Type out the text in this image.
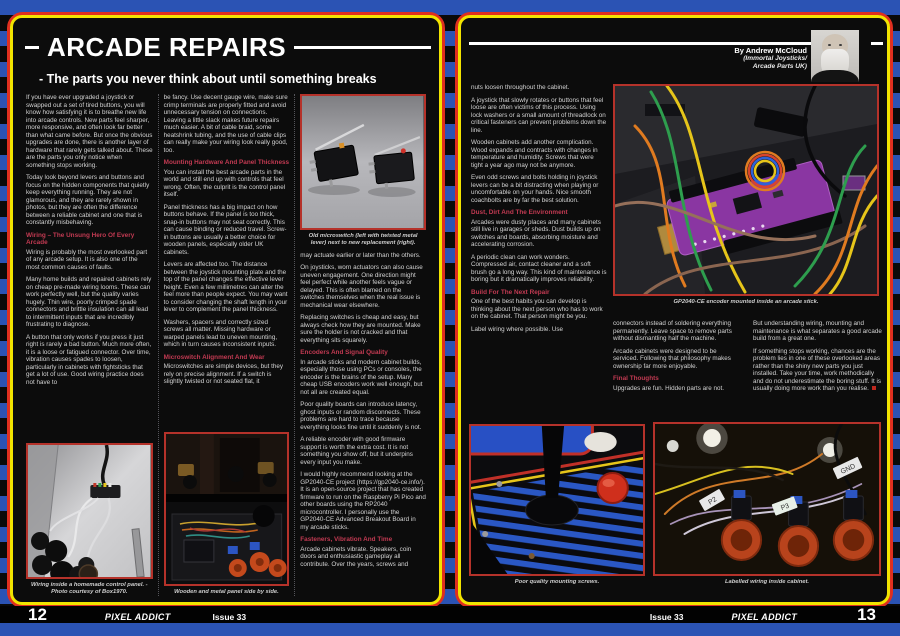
ARCADE REPAIRS
- The parts you never think about until something breaks
If you have ever upgraded a joystick or swapped out a set of tired buttons, you will know how satisfying it is to breathe new life into arcade controls. New parts feel sharper, more responsive, and often look far better than what came before. But once the obvious upgrades are done, there is another layer of hardware that rarely gets talked about. These are the parts you only notice when something stops working.
Today look beyond levers and buttons and focus on the hidden components that quietly keep everything running. They are not glamorous, and they are rarely shown in photos, but they are often the difference between a reliable cabinet and one that is constantly misbehaving.
Wiring – The Unsung Hero Of Every Arcade
Wiring is probably the most overlooked part of any arcade setup. It is also one of the most common causes of faults.
Many home builds and repaired cabinets rely on cheap pre-made wiring looms. These can work perfectly well, but the quality varies hugely. Thin wire, poorly crimped spade connectors and brittle insulation can all lead to intermittent inputs that are incredibly frustrating to diagnose.
A button that only works if you press it just right is rarely a bad button. Much more often, it is a loose or fatigued connector. Over time, vibration causes spades to loosen, particularly in cabinets with fightsticks that get a lot of use. Good wiring practice does not have to
Wiring inside a homemade control panel. - Photo courtesy of Box1970.
be fancy. Use decent gauge wire, make sure crimp terminals are properly fitted and avoid unnecessary tension on connections. Leaving a little slack makes future repairs much easier. A bit of cable braid, some heatshrink tubing, and the use of cable clips can really make your wiring look really good, too.
Mounting Hardware And Panel Thickness
You can install the best arcade parts in the world and still end up with controls that feel wrong. Often, the culprit is the control panel itself.
Panel thickness has a big impact on how buttons behave. If the panel is too thick, snap-in buttons may not seat correctly. This can cause binding or reduced travel. Screw-in buttons are usually a better choice for wooden panels, especially older UK cabinets.
Levers are affected too. The distance between the joystick mounting plate and the top of the panel changes the effective lever height. Even a few millimetres can alter the feel more than people expect. You may want to consider changing the shaft length in your lever to complement the panel thickness.
Washers, spacers and correctly sized screws all matter. Missing hardware or warped panels lead to uneven mounting, which in turn causes inconsistent inputs.
Microswitch Alignment And Wear
Microswitches are simple devices, but they rely on precise alignment. If a switch is slightly twisted or not seated flat, it
Wooden and metal panel side by side.
Old microswitch (left with twisted metal lever) next to new replacement (right).
may actuate earlier or later than the others.
On joysticks, worn actuators can also cause uneven engagement. One direction might feel perfect while another feels vague or delayed. This is often blamed on the switches themselves when the real issue is mechanical wear elsewhere.
Replacing switches is cheap and easy, but always check how they are mounted. Make sure the holder is not cracked and that everything sits squarely.
Encoders And Signal Quality
In arcade sticks and modern cabinet builds, especially those using PCs or consoles, the encoder is the brains of the setup. Many cheap USB encoders work well enough, but not all are created equal.
Poor quality boards can introduce latency, ghost inputs or random disconnects. These problems are hard to trace because everything looks fine until it suddenly is not.
A reliable encoder with good firmware support is worth the extra cost. It is not something you show off, but it underpins every input you make.
I would highly recommend looking at the GP2040-CE project (https://gp2040-ce.info/). It is an open-source project that has created firmware to run on the Raspberry Pi Pico and other boards using the RP2040 microcontroller. I personally use the GP2040-CE Advanced Breakout Board in my arcade sticks.
Fasteners, Vibration And Time
Arcade cabinets vibrate. Speakers, coin doors and enthusiastic gameplay all contribute. Over the years, screws and
By Andrew McCloud
(Immortal Joysticks/
Arcade Parts UK)
nuts loosen throughout the cabinet.
A joystick that slowly rotates or buttons that feel loose are often victims of this process. Using lock washers or a small amount of threadlock on critical fasteners can prevent problems down the line.
Wooden cabinets add another complication. Wood expands and contracts with changes in temperature and humidity. Screws that were tight a year ago may not be anymore.
Even odd screws and bolts holding in joystick levers can be a bit distracting when playing or uncomfortable on your hands. Nice smooth coachbolts are by far the best solution.
Dust, Dirt And The Environment
Arcades were dusty places and many cabinets still live in garages or sheds. Dust builds up on switches and boards, absorbing moisture and accelerating corrosion.
A periodic clean can work wonders. Compressed air, contact cleaner and a soft brush go a long way. This kind of maintenance is boring but it dramatically improves reliability.
Build For The Next Repair
One of the best habits you can develop is thinking about the next person who has to work on the cabinet. That person might be you.
Label wiring where possible. Use
GP2040-CE encoder mounted inside an arcade stick.
connectors instead of soldering everything permanently. Leave space to remove parts without dismantling half the machine.
Arcade cabinets were designed to be serviced. Following that philosophy makes ownership far more enjoyable.
Final Thoughts
Upgrades are fun. Hidden parts are not.
But understanding wiring, mounting and maintenance is what separates a good arcade build from a great one.
If something stops working, chances are the problem lies in one of these overlooked areas rather than the shiny new parts you just installed. Take your time, work methodically and do not underestimate the boring stuff. It is usually doing more work than you realise.
Poor quality mounting screws.
P2
P3
GND
Labelled wiring inside cabinet.
12	PIXEL ADDICT	Issue 33	Issue 33	PIXEL ADDICT	13
